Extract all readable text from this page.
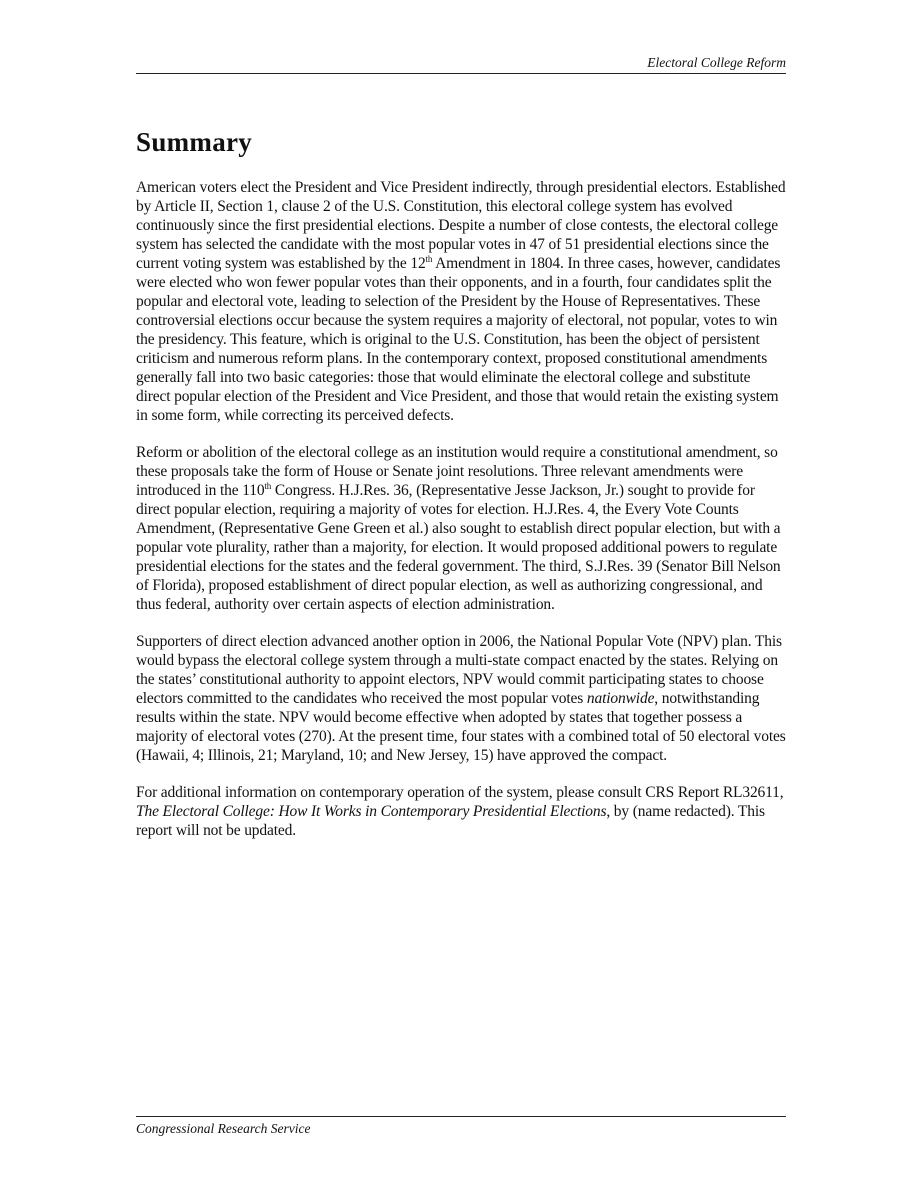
Electoral College Reform
Summary

American voters elect the President and Vice President indirectly, through presidential electors. Established by Article II, Section 1, clause 2 of the U.S. Constitution, this electoral college system has evolved continuously since the first presidential elections. Despite a number of close contests, the electoral college system has selected the candidate with the most popular votes in 47 of 51 presidential elections since the current voting system was established by the 12th Amendment in 1804. In three cases, however, candidates were elected who won fewer popular votes than their opponents, and in a fourth, four candidates split the popular and electoral vote, leading to selection of the President by the House of Representatives. These controversial elections occur because the system requires a majority of electoral, not popular, votes to win the presidency. This feature, which is original to the U.S. Constitution, has been the object of persistent criticism and numerous reform plans. In the contemporary context, proposed constitutional amendments generally fall into two basic categories: those that would eliminate the electoral college and substitute direct popular election of the President and Vice President, and those that would retain the existing system in some form, while correcting its perceived defects.

Reform or abolition of the electoral college as an institution would require a constitutional amendment, so these proposals take the form of House or Senate joint resolutions. Three relevant amendments were introduced in the 110th Congress. H.J.Res. 36, (Representative Jesse Jackson, Jr.) sought to provide for direct popular election, requiring a majority of votes for election. H.J.Res. 4, the Every Vote Counts Amendment, (Representative Gene Green et al.) also sought to establish direct popular election, but with a popular vote plurality, rather than a majority, for election. It would proposed additional powers to regulate presidential elections for the states and the federal government. The third, S.J.Res. 39 (Senator Bill Nelson of Florida), proposed establishment of direct popular election, as well as authorizing congressional, and thus federal, authority over certain aspects of election administration.

Supporters of direct election advanced another option in 2006, the National Popular Vote (NPV) plan. This would bypass the electoral college system through a multi-state compact enacted by the states. Relying on the states’ constitutional authority to appoint electors, NPV would commit participating states to choose electors committed to the candidates who received the most popular votes nationwide, notwithstanding results within the state. NPV would become effective when adopted by states that together possess a majority of electoral votes (270). At the present time, four states with a combined total of 50 electoral votes (Hawaii, 4; Illinois, 21; Maryland, 10; and New Jersey, 15) have approved the compact.

For additional information on contemporary operation of the system, please consult CRS Report RL32611, The Electoral College: How It Works in Contemporary Presidential Elections, by (name redacted). This report will not be updated.

Congressional Research Service
